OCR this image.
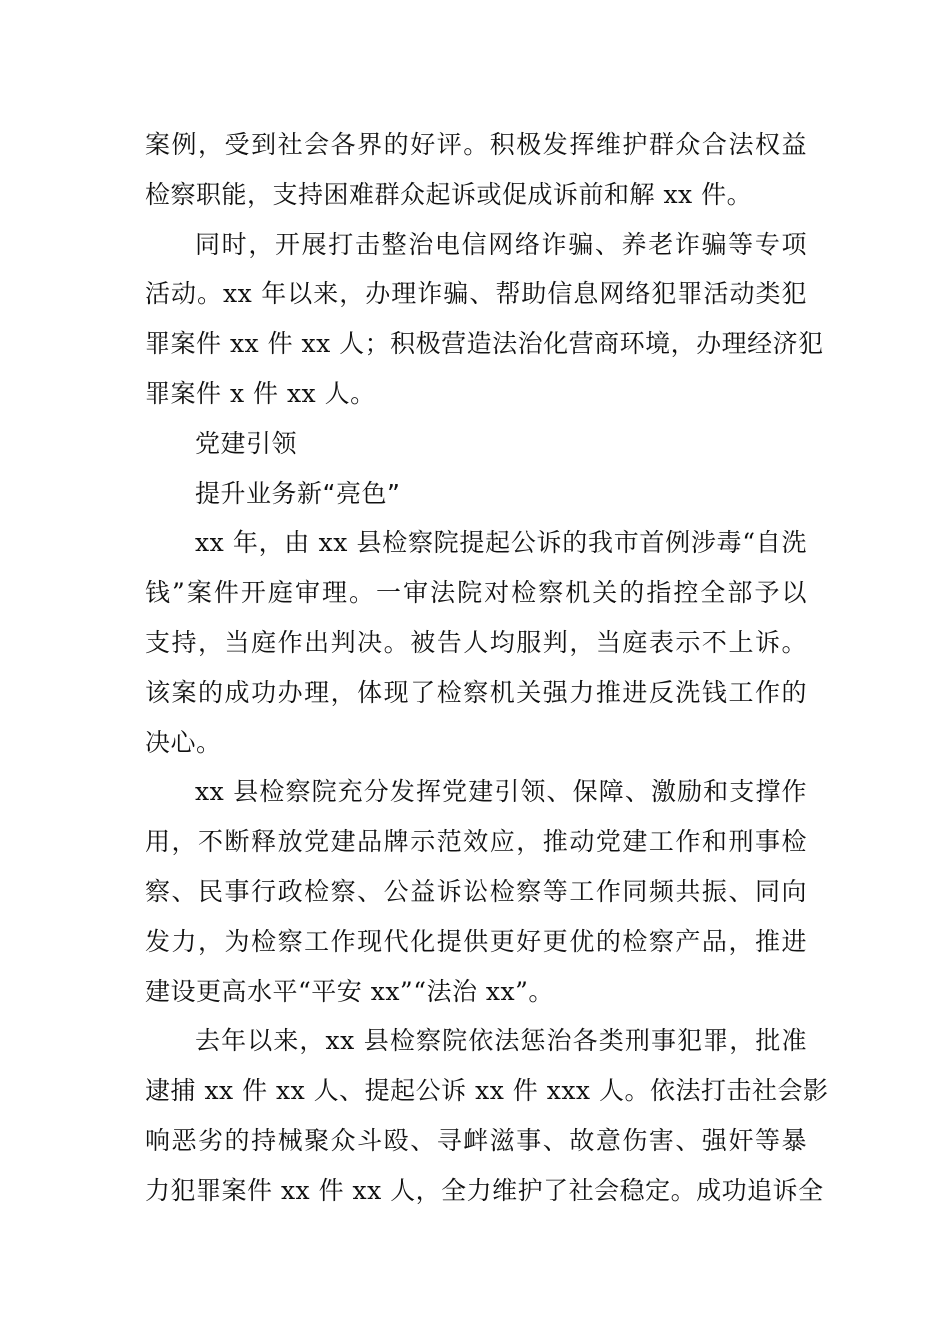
案例，受到社会各界的好评。积极发挥维护群众合法权益
检察职能，支持困难群众起诉或促成诉前和解 xx 件。
同时，开展打击整治电信网络诈骗、养老诈骗等专项
活动。xx 年以来，办理诈骗、帮助信息网络犯罪活动类犯
罪案件 xx 件 xx 人；积极营造法治化营商环境，办理经济犯
罪案件 x 件 xx 人。
党建引领
提升业务新“亮色”
xx 年，由 xx 县检察院提起公诉的我市首例涉毒“自洗
钱”案件开庭审理。一审法院对检察机关的指控全部予以
支持，当庭作出判决。被告人均服判，当庭表示不上诉。
该案的成功办理，体现了检察机关强力推进反洗钱工作的
决心。
xx 县检察院充分发挥党建引领、保障、激励和支撑作
用，不断释放党建品牌示范效应，推动党建工作和刑事检
察、民事行政检察、公益诉讼检察等工作同频共振、同向
发力，为检察工作现代化提供更好更优的检察产品，推进
建设更高水平“平安 xx”“法治 xx”。
去年以来，xx 县检察院依法惩治各类刑事犯罪，批准
逮捕 xx 件 xx 人、提起公诉 xx 件 xxx 人。依法打击社会影
响恶劣的持械聚众斗殴、寻衅滋事、故意伤害、强奸等暴
力犯罪案件 xx 件 xx 人，全力维护了社会稳定。成功追诉全
